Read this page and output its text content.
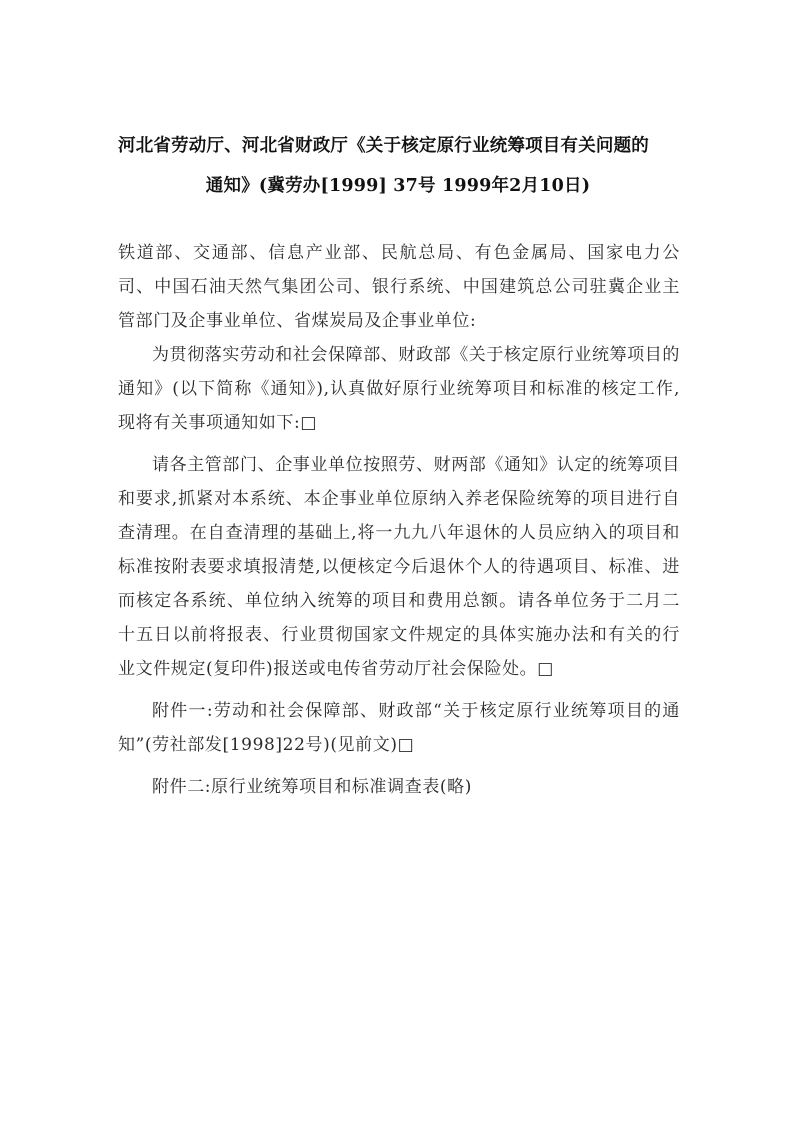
河北省劳动厅、河北省财政厅《关于核定原行业统筹项目有关问题的
通知》(冀劳办[1999] 37号 1999年2月10日)

铁道部、交通部、信息产业部、民航总局、有色金属局、国家电力公司、中国石油天然气集团公司、银行系统、中国建筑总公司驻冀企业主管部门及企事业单位、省煤炭局及企事业单位:

为贯彻落实劳动和社会保障部、财政部《关于核定原行业统筹项目的通知》(以下简称《通知》),认真做好原行业统筹项目和标准的核定工作,现将有关事项通知如下:□

请各主管部门、企事业单位按照劳、财两部《通知》认定的统筹项目和要求,抓紧对本系统、本企事业单位原纳入养老保险统筹的项目进行自查清理。在自查清理的基础上,将一九九八年退休的人员应纳入的项目和标准按附表要求填报清楚,以便核定今后退休个人的待遇项目、标准、进而核定各系统、单位纳入统筹的项目和费用总额。请各单位务于二月二十五日以前将报表、行业贯彻国家文件规定的具体实施办法和有关的行业文件规定(复印件)报送或电传省劳动厅社会保险处。□

附件一:劳动和社会保障部、财政部“关于核定原行业统筹项目的通知”(劳社部发[1998]22号)(见前文)□

附件二:原行业统筹项目和标准调查表(略)
